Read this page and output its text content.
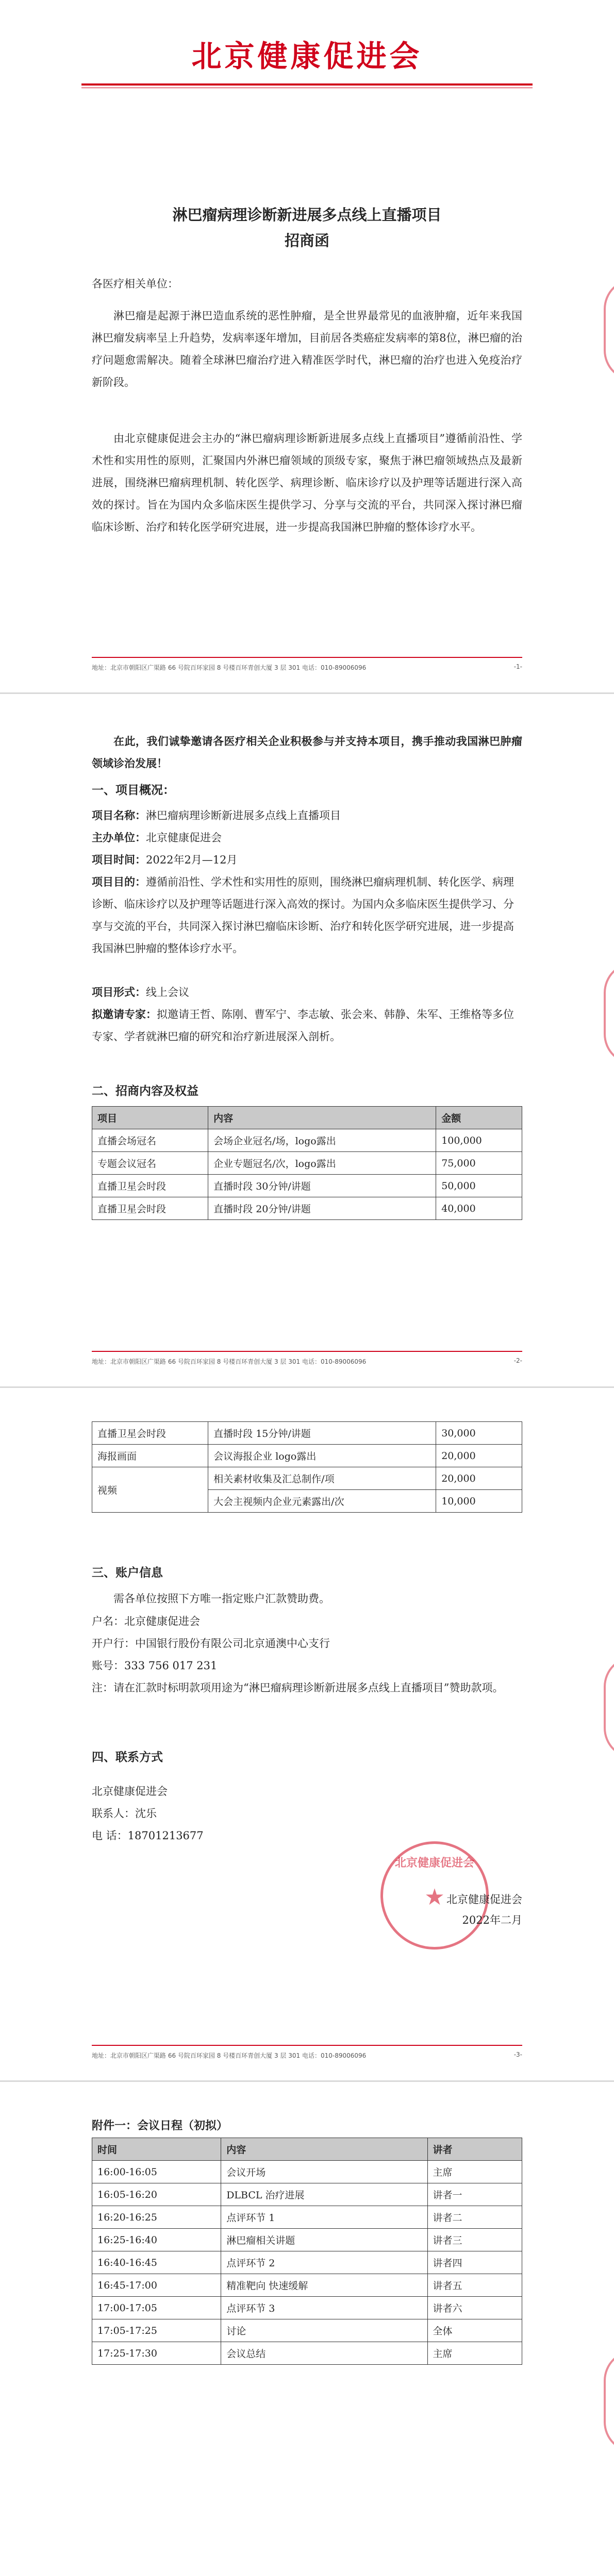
北京健康促进会
淋巴瘤病理诊断新进展多点线上直播项目
招商函
各医疗相关单位：
淋巴瘤是起源于淋巴造血系统的恶性肿瘤，是全世界最常见的血液肿瘤，近年来我国淋巴瘤发病率呈上升趋势，发病率逐年增加，目前居各类癌症发病率的第8位，淋巴瘤的治疗问题愈需解决。随着全球淋巴瘤治疗进入精准医学时代，淋巴瘤的治疗也进入免疫治疗新阶段。
由北京健康促进会主办的“淋巴瘤病理诊断新进展多点线上直播项目”遵循前沿性、学术性和实用性的原则，汇聚国内外淋巴瘤领域的顶级专家，聚焦于淋巴瘤领域热点及最新进展，围绕淋巴瘤病理机制、转化医学、病理诊断、临床诊疗以及护理等话题进行深入高效的探讨。旨在为国内众多临床医生提供学习、分享与交流的平台，共同深入探讨淋巴瘤临床诊断、治疗和转化医学研究进展，进一步提高我国淋巴肿瘤的整体诊疗水平。
地址：北京市朝阳区广渠路 66 号院百环家园 8 号楼百环青创大厦 3 层 301 电话：010-89006096	-1-
在此，我们诚挚邀请各医疗相关企业积极参与并支持本项目，携手推动我国淋巴肿瘤领域诊治发展！
一、项目概况：
项目名称：淋巴瘤病理诊断新进展多点线上直播项目
主办单位：北京健康促进会
项目时间：2022年2月—12月
项目目的：遵循前沿性、学术性和实用性的原则，围绕淋巴瘤病理机制、转化医学、病理诊断、临床诊疗以及护理等话题进行深入高效的探讨。为国内众多临床医生提供学习、分享与交流的平台，共同深入探讨淋巴瘤临床诊断、治疗和转化医学研究进展，进一步提高我国淋巴肿瘤的整体诊疗水平。
项目形式：线上会议
拟邀请专家：拟邀请王哲、陈刚、曹军宁、李志敏、张会来、韩静、朱军、王维格等多位专家、学者就淋巴瘤的研究和治疗新进展深入剖析。
二、招商内容及权益
项目	内容	金额
直播会场冠名	会场企业冠名/场，logo露出	100,000
专题会议冠名	企业专题冠名/次，logo露出	75,000
直播卫星会时段	直播时段 30分钟/讲题	50,000
直播卫星会时段	直播时段 20分钟/讲题	40,000
地址：北京市朝阳区广渠路 66 号院百环家园 8 号楼百环青创大厦 3 层 301 电话：010-89006096	-2-
直播卫星会时段	直播时段 15分钟/讲题	30,000
海报画面	会议海报企业 logo露出	20,000
视频	相关素材收集及汇总制作/项	20,000
	大会主视频内企业元素露出/次	10,000
三、账户信息
需各单位按照下方唯一指定账户汇款赞助费。
户名：北京健康促进会
开户行：中国银行股份有限公司北京通澳中心支行
账号：333 756 017 231
注：请在汇款时标明款项用途为“淋巴瘤病理诊断新进展多点线上直播项目”赞助款项。
四、联系方式
北京健康促进会
联系人：沈乐
电 话：18701213677
北京健康促进会
★ 北京健康促进会
2022年二月
地址：北京市朝阳区广渠路 66 号院百环家园 8 号楼百环青创大厦 3 层 301 电话：010-89006096	-3-
附件一：会议日程（初拟）
时间	内容	讲者
16:00-16:05	会议开场	主席
16:05-16:20	DLBCL 治疗进展	讲者一
16:20-16:25	点评环节 1	讲者二
16:25-16:40	淋巴瘤相关讲题	讲者三
16:40-16:45	点评环节 2	讲者四
16:45-17:00	精准靶向 快速缓解	讲者五
17:00-17:05	点评环节 3	讲者六
17:05-17:25	讨论	全体
17:25-17:30	会议总结	主席
